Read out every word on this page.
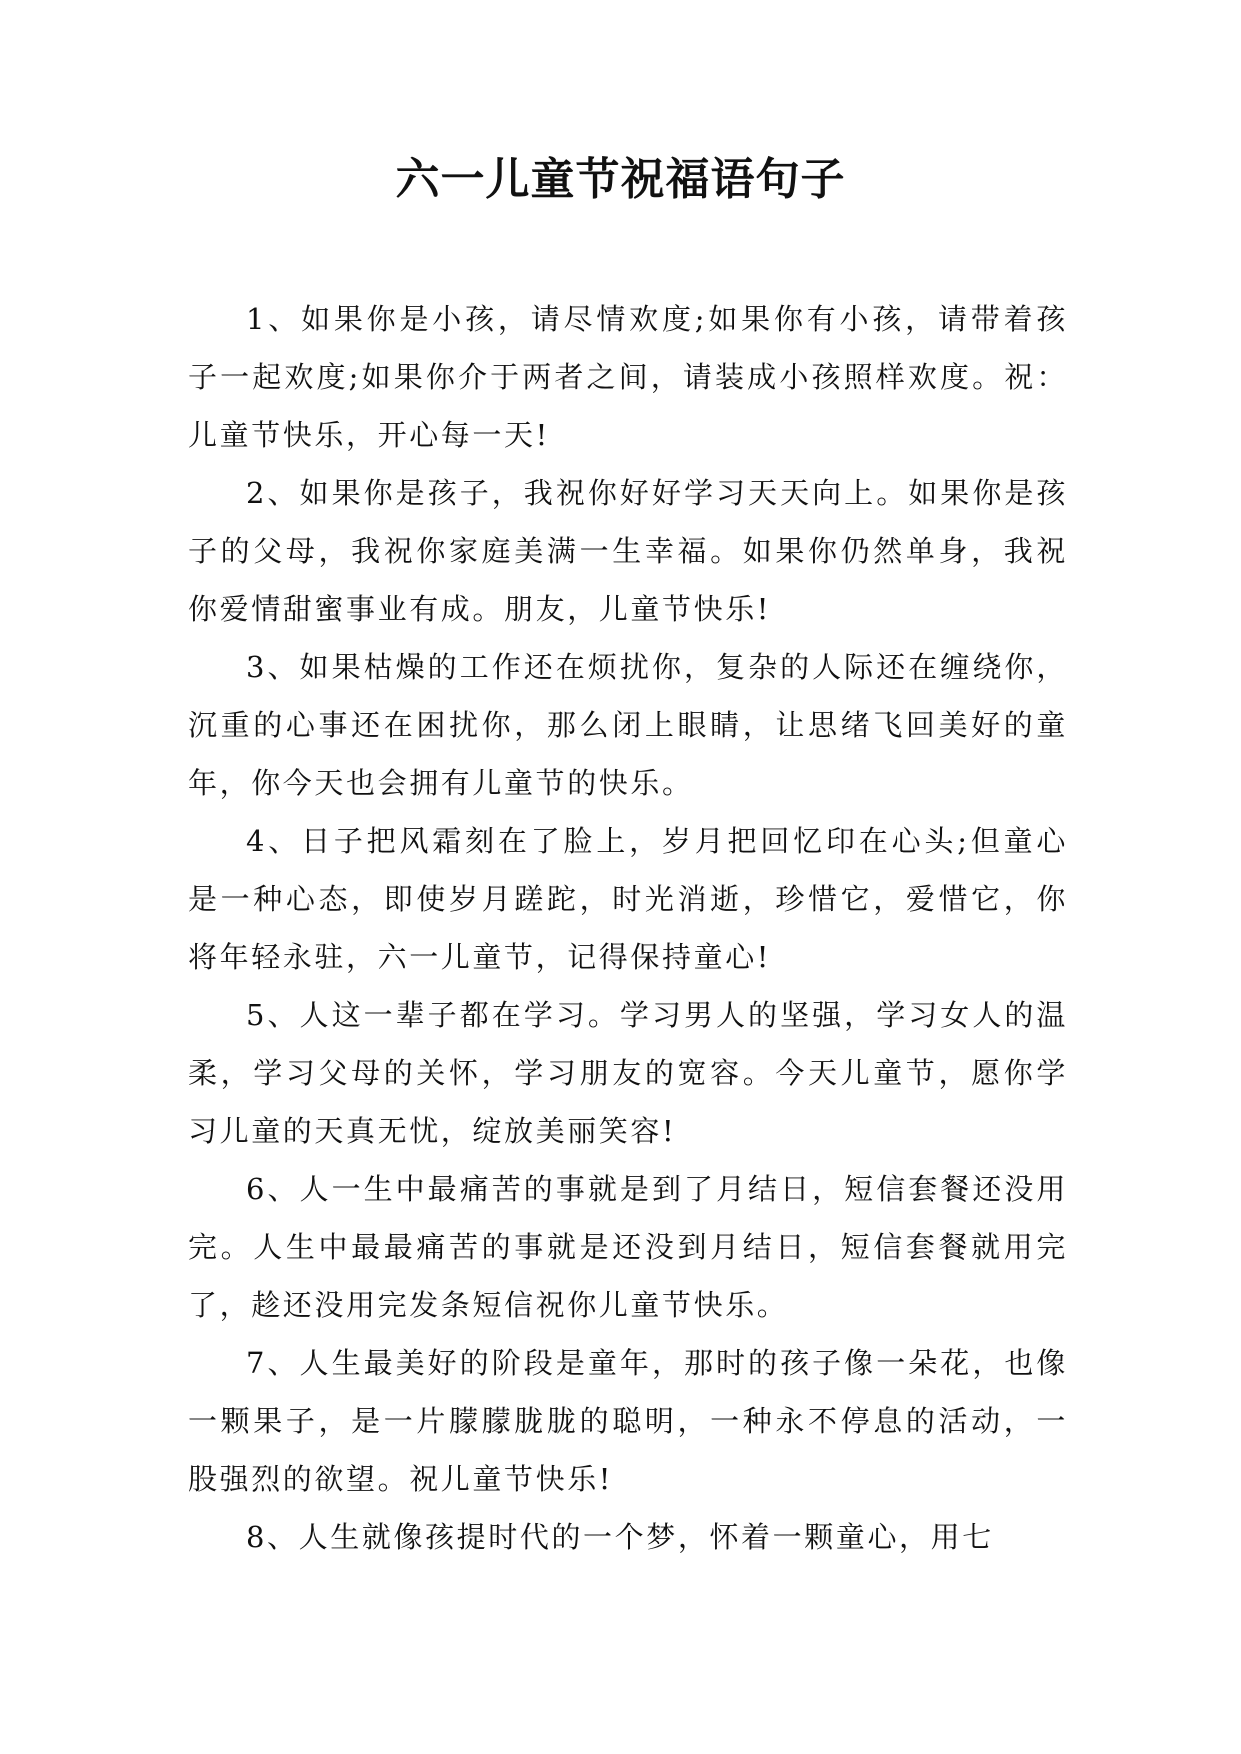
六一儿童节祝福语句子

1、如果你是小孩，请尽情欢度;如果你有小孩，请带着孩子一起欢度;如果你介于两者之间，请装成小孩照样欢度。祝：儿童节快乐，开心每一天!

2、如果你是孩子，我祝你好好学习天天向上。如果你是孩子的父母，我祝你家庭美满一生幸福。如果你仍然单身，我祝你爱情甜蜜事业有成。朋友，儿童节快乐!

3、如果枯燥的工作还在烦扰你，复杂的人际还在缠绕你，沉重的心事还在困扰你，那么闭上眼睛，让思绪飞回美好的童年，你今天也会拥有儿童节的快乐。

4、日子把风霜刻在了脸上，岁月把回忆印在心头;但童心是一种心态，即使岁月蹉跎，时光消逝，珍惜它，爱惜它，你将年轻永驻，六一儿童节，记得保持童心!

5、人这一辈子都在学习。学习男人的坚强，学习女人的温柔，学习父母的关怀，学习朋友的宽容。今天儿童节，愿你学习儿童的天真无忧，绽放美丽笑容!

6、人一生中最痛苦的事就是到了月结日，短信套餐还没用完。人生中最最痛苦的事就是还没到月结日，短信套餐就用完了，趁还没用完发条短信祝你儿童节快乐。

7、人生最美好的阶段是童年，那时的孩子像一朵花，也像一颗果子，是一片朦朦胧胧的聪明，一种永不停息的活动，一股强烈的欲望。祝儿童节快乐!

8、人生就像孩提时代的一个梦，怀着一颗童心，用七
